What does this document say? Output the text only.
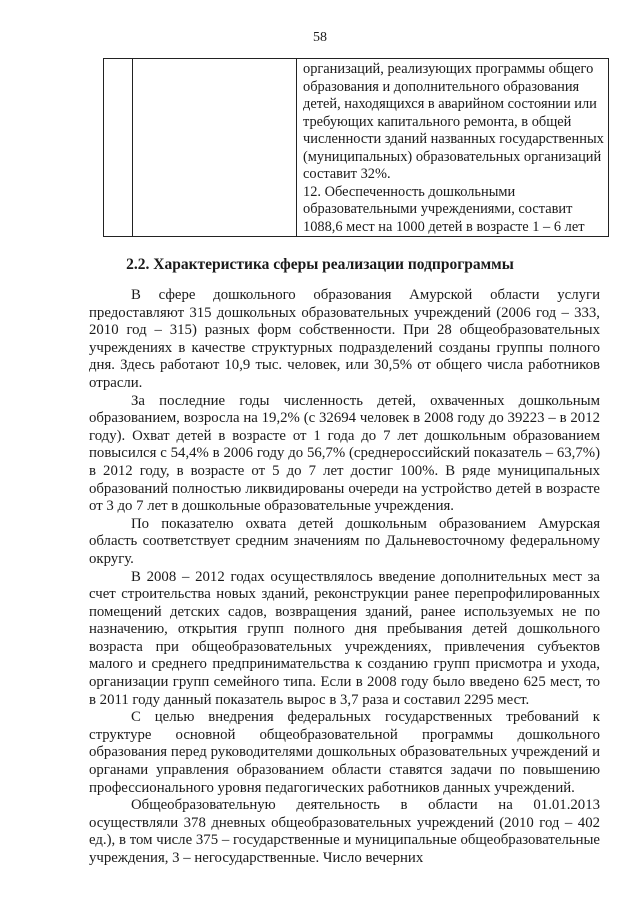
58

организаций, реализующих программы общего образования и дополнительного образования детей, находящихся в аварийном состоянии или требующих капитального ремонта, в общей численности зданий названных государственных (муниципальных) образовательных организаций составит 32%.

12. Обеспеченность дошкольными образовательными учреждениями, составит 1088,6 мест на 1000 детей в возрасте 1 – 6 лет

2.2. Характеристика сферы реализации подпрограммы

В сфере дошкольного образования Амурской области услуги предоставляют 315 дошкольных образовательных учреждений (2006 год – 333, 2010 год – 315) разных форм собственности. При 28 общеобразовательных учреждениях в качестве структурных подразделений созданы группы полного дня. Здесь работают 10,9 тыс. человек, или 30,5% от общего числа работников отрасли.

За последние годы численность детей, охваченных дошкольным образованием, возросла на 19,2% (с 32694 человек в 2008 году до 39223 – в 2012 году). Охват детей в возрасте от 1 года до 7 лет дошкольным образованием повысился с 54,4% в 2006 году до 56,7% (среднероссийский показатель – 63,7%) в 2012 году, в возрасте от 5 до 7 лет достиг 100%. В ряде муниципальных образований полностью ликвидированы очереди на устройство детей в возрасте от 3 до 7 лет в дошкольные образовательные учреждения.

По показателю охвата детей дошкольным образованием Амурская область соответствует средним значениям по Дальневосточному федеральному округу.

В 2008 – 2012 годах осуществлялось введение дополнительных мест за счет строительства новых зданий, реконструкции ранее перепрофилированных помещений детских садов, возвращения зданий, ранее используемых не по назначению, открытия групп полного дня пребывания детей дошкольного возраста при общеобразовательных учреждениях, привлечения субъектов малого и среднего предпринимательства к созданию групп присмотра и ухода, организации групп семейного типа. Если в 2008 году было введено 625 мест, то в 2011 году данный показатель вырос в 3,7 раза и составил 2295 мест.

С целью внедрения федеральных государственных требований к структуре основной общеобразовательной программы дошкольного образования перед руководителями дошкольных образовательных учреждений и органами управления образованием области ставятся задачи по повышению профессионального уровня педагогических работников данных учреждений.

Общеобразовательную деятельность в области на 01.01.2013 осуществляли 378 дневных общеобразовательных учреждений (2010 год – 402 ед.), в том числе 375 – государственные и муниципальные общеобразовательные учреждения, 3 – негосударственные. Число вечерних
